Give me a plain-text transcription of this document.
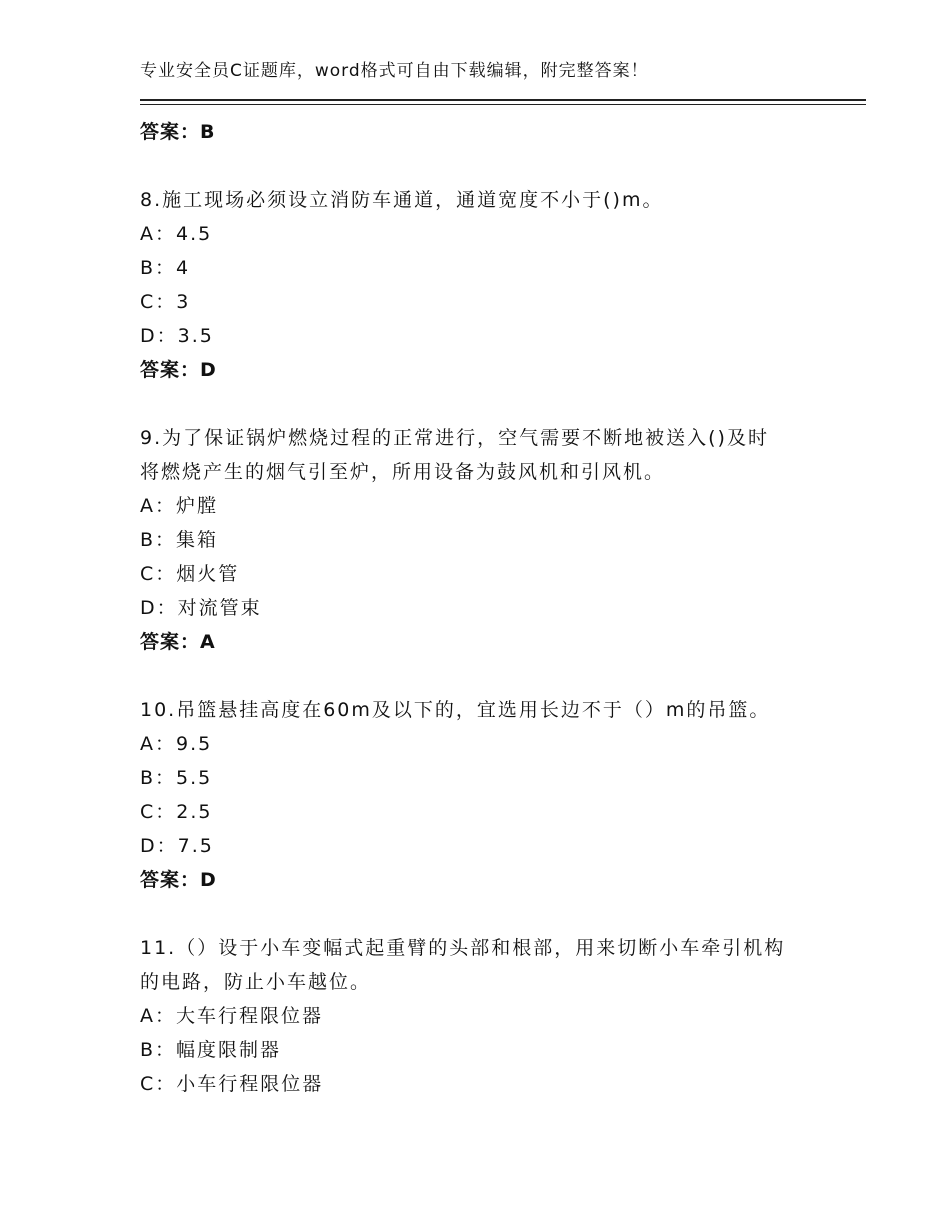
专业安全员C证题库，word格式可自由下载编辑，附完整答案！
答案：B
8.施工现场必须设立消防车通道，通道宽度不小于()m。
A：4.5
B：4
C：3
D：3.5
答案：D
9.为了保证锅炉燃烧过程的正常进行，空气需要不断地被送入()及时
将燃烧产生的烟气引至炉，所用设备为鼓风机和引风机。
A：炉膛
B：集箱
C：烟火管
D：对流管束
答案：A
10.吊篮悬挂高度在60m及以下的，宜选用长边不于（）m的吊篮。
A：9.5
B：5.5
C：2.5
D：7.5
答案：D
11.（）设于小车变幅式起重臂的头部和根部，用来切断小车牵引机构
的电路，防止小车越位。
A：大车行程限位器
B：幅度限制器
C：小车行程限位器
